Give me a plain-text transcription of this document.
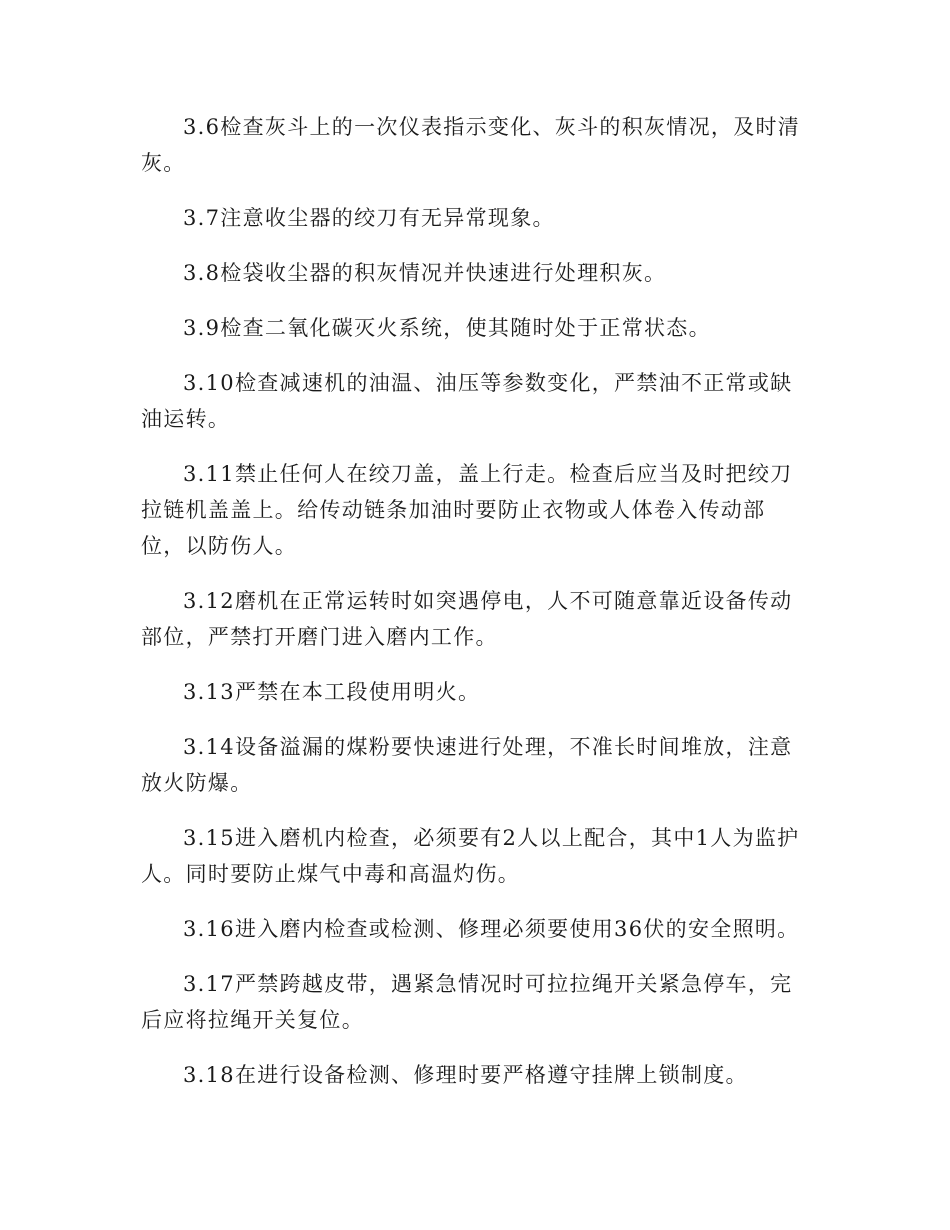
3.6检查灰斗上的一次仪表指示变化、灰斗的积灰情况，及时清灰。

3.7注意收尘器的绞刀有无异常现象。

3.8检袋收尘器的积灰情况并快速进行处理积灰。

3.9检查二氧化碳灭火系统，使其随时处于正常状态。

3.10检查减速机的油温、油压等参数变化，严禁油不正常或缺油运转。

3.11禁止任何人在绞刀盖，盖上行走。检查后应当及时把绞刀拉链机盖盖上。给传动链条加油时要防止衣物或人体卷入传动部位，以防伤人。

3.12磨机在正常运转时如突遇停电，人不可随意靠近设备传动部位，严禁打开磨门进入磨内工作。

3.13严禁在本工段使用明火。

3.14设备溢漏的煤粉要快速进行处理，不准长时间堆放，注意放火防爆。

3.15进入磨机内检查，必须要有2人以上配合，其中1人为监护人。同时要防止煤气中毒和高温灼伤。

3.16进入磨内检查或检测、修理必须要使用36伏的安全照明。

3.17严禁跨越皮带，遇紧急情况时可拉拉绳开关紧急停车，完后应将拉绳开关复位。

3.18在进行设备检测、修理时要严格遵守挂牌上锁制度。
